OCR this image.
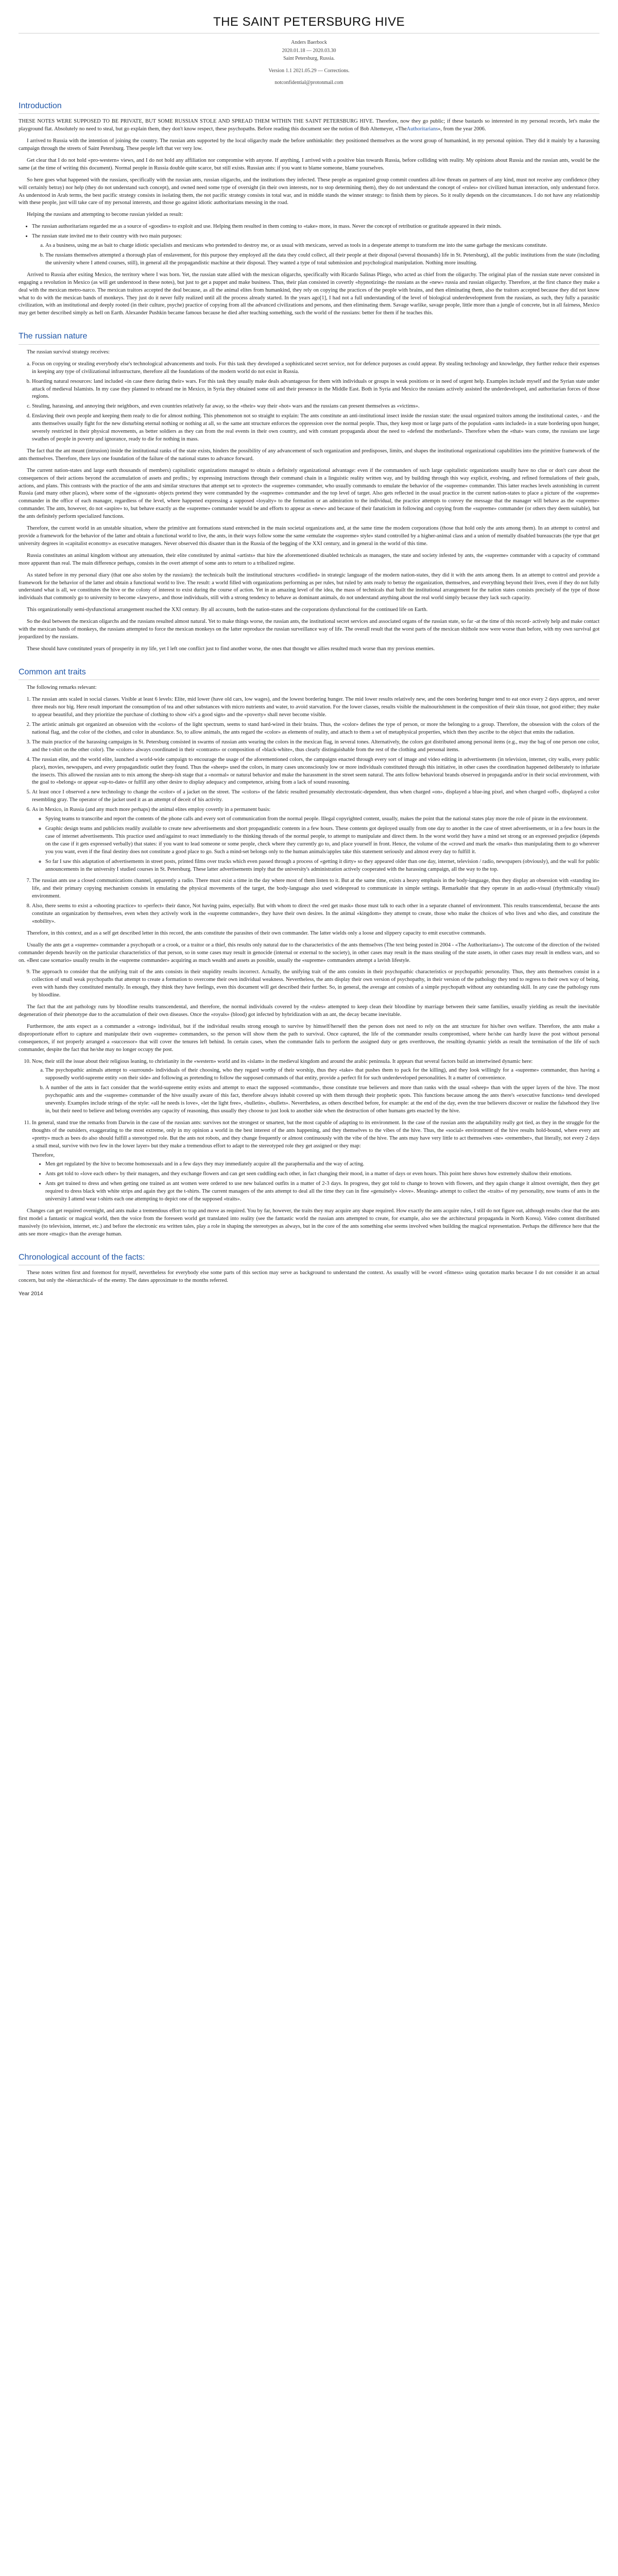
THE SAINT PETERSBURG HIVE
Anders Baerbock
2020.01.18 — 2020.03.30
Saint Petersburg, Russia.
Version 1.1 2021.05.29 — Corrections.
notconfidential@protonmail.com
Introduction

THESE NOTES WERE SUPPOSED TO BE PRIVATE, BUT SOME RUSSIAN STOLE AND SPREAD THEM WITHIN THE SAINT PETERSBURG HIVE. Therefore, now they go public; if these bastards so interested in my personal records, let's make the playground flat. Absolutely no need to steal, but go explain them, they don't know respect, these psychopaths. Before reading this document see the notion of Bob Altemeyer, «TheAuthoritarians», from the year 2006.

I arrived to Russia with the intention of joining the country. The russian ants supported by the local oligarchy made the before unthinkable: they positioned themselves as the worst group of humankind, in my personal opinion. They did it mainly by a harassing campaign through the streets of Saint Petersburg. These people left that ver very low.

Get clear that I do not hold «pro-western» views, and I do not hold any affiliation nor compromise with anyone. If anything, I arrived with a positive bias towards Russia, before colliding with reality. My opinions about Russia and the russian ants, would be the same (at the time of writing this document). Normal people in Russia double quite scarce, but still exists. Russian ants: if you want to blame someone, blame yourselves.

So here goes what happened with the russians, specifically with the russian ants, russian oligarchs, and the institutions they infected. These people as organized group commit countless all-low threats on partners of any kind, must not receive any confidence (they will certainly betray) nor help (they do not understand such concept), and owned need some type of oversight (in their own interests, nor to stop determining them), they do not understand the concept of «rules» nor civilized human interaction, only understand force. As understood in Arab terms, the best pacific strategy consists in isolating them, the not pacific strategy consists in total war, and in middle stands the winner strategy: to finish them by pieces. So it really depends on the circumstances. I do not have any relationship with these people, just will take care of my personal interests, and those go against idiotic authoritarians messing in the road.

Helping the russians and attempting to become russian yielded as result:

• The russian authoritarians regarded me as a source of «goodies» to exploit and use. Helping them resulted in them coming to «take» more, in mass. Never the concept of retribution or gratitude appeared in their minds.
• The russian state invited me to their country with two main purposes:
a. As a business, using me as bait to charge idiotic specialists and mexicans who pretended to destroy me, or as usual with mexicans, served as tools in a desperate attempt to transform me into the same garbage the mexicans constitute.
b. The russians themselves attempted a thorough plan of enslavement, for this purpose they employed all the data they could collect, all their people at their disposal (several thousands) life in St. Petersburg), all the public institutions from the state (including the university where I attend courses, still), in general all the propagandistic machine at their disposal. They wanted a type of total submission and psychological manipulation. Nothing more insulting.

Arrived to Russia after exiting Mexico, the territory where I was born. Yet, the russian state allied with the mexican oligarchs, specifically with Ricardo Salinas Pliego, who acted as chief from the oligarchy. The original plan of the russian state never consisted in engaging a revolution in Mexico (as will get understood in these notes), but just to get a puppet and make business. Thus, their plan consisted in covertly «hypnotizing» the russians as the «new» russia and russian oligarchy. Therefore, at the first chance they make a deal with the mexican metro-narco. The mexican traitors accepted the deal because, as all the animal elites from humankind, they rely on copying the practices of the people with brains, and then eliminating them, also the traitors accepted because they did not know what to do with the mexican bands of monkeys. They just do it never fully realized until all the process already started. In the years ago[1], I had not a full understanding of the level of biological underdevelopment from the russians, as such, they fully a parasitic civilization, with an institutional and deeply rooted (in their culture, psyche) practice of copying from all the advanced civilizations and persons, and then eliminating them. Savage warlike, savage people, little more than a jungle of concrete, but in all fairness, Mexico may get better described simply as hell on Earth. Alexander Pushkin became famous because he died after teaching something, such the world of the russians: better for them if he teaches this.

The russian nature

The russian survival strategy receives:

a. Focus on copying or stealing everybody else's technological advancements and tools. For this task they developed a sophisticated secret service, not for defence purposes as could appear. By stealing technology and knowledge, they further reduce their expenses in keeping any type of civilizational infrastructure, therefore all the foundations of the modern world do not exist in Russia.
b. Hoarding natural resources: land included «in case there during their» wars. For this task they usually make deals advantageous for them with individuals or groups in weak positions or in need of urgent help. Examples include myself and the Syrian state under attack of medieval Islamists. In my case they planned to rebrand me in Mexico, in Syria they obtained some oil and their presence in the Middle East. Both in Syria and Mexico the russians actively assisted the underdeveloped, and authoritarian forces of those regions.
c. Stealing, harassing, and annoying their neighbors, and even countries relatively far away, so the «their» way their «hot» wars and the russians can present themselves as «victims».
d. Enslaving their own people and keeping them ready to die for almost nothing. This phenomenon not so straight to explain: The ants constitute an anti-institutional insect inside the russian state: the usual organized traitors among the institutional castes, - and the ants themselves usually fight for the new disturbing eternal nothing or nothing at all, so the same ant structure enforces the oppression over the normal people. Thus, they keep most or large parts of the population «ants included» in a state bordering upon hunger, severely restricted in their physical movements, as better soldiers as they can from the real events in their own country, and with constant propaganda about the need to «defend the motherland». Therefore when the «that» wars come, the russians use large swathes of people in poverty and ignorance, ready to die for nothing in mass.

The fact that the ant meant (intrusion) inside the institutional ranks of the state exists, hinders the possibility of any advancement of such organization and predisposes, limits, and shapes the institutional organizational capabilities into the primitive framework of the ants themselves. Therefore, there lays one foundation of the failure of the national states to advance forward.

The current nation-states and large earth thousands of members) capitalistic organizations managed to obtain a definitely organizational advantage: even if the commanders of such large capitalistic organizations usually have no clue or don't care about the consequences of their actions beyond the accumulation of assets and profits.; by expressing instructions through their command chain in a linguistic reality written way, and by building through this way explicit, evolving, and refined formulations of their goals, actions, and plans. This contrasts with the practice of the ants and similar structures that attempt set to «protect» the «supreme» commander, who usually commands to emulate the behavior of the «supreme» commander. This latter reaches levels astonishing in current Russia (and many other places), where some of the «ignorant» objects pretend they were commanded by the «supreme» commander and the top level of target. Also gets reflected in the usual practice in the current nation-states to place a picture of the «supreme» commander in the office of each manager, regardless of the level, where happened expressing a supposed «loyalty» to the formation or an admiration to the individual, the practice attempts to convey the message that the manager will behave as the «supreme» commander. The ants, however, do not «aspire» to, but behave exactly as the «supreme» commander would be and efforts to appear as «new» and because of their fanaticism in following and copying from the «supreme» commander (or others they deem suitable), but the ants definitely perform specialized functions.

Therefore, the current world in an unstable situation, where the primitive ant formations stand entrenched in the main societal organizations and, at the same time the modern corporations (those that hold only the ants among them). In an attempt to control and provide a framework for the behavior of the latter and obtain a functional world to live, the ants, in their ways follow some the same «emulate the «supreme» style» stand controlled by a higher-animal class and a union of mentally disabled bureaucrats (the type that get university degrees in «capitalist economy» as executive managers. Never observed this disaster than in the Russia of the begging of the XXI century, and in general in the world of this time.

Russia constitutes an animal kingdom without any attenuation, their elite constituted by animal «artists» that hire the aforementioned disabled technicals as managers, the state and society infested by ants, the «supreme» commander with a capacity of command more apparent than real. The main difference perhaps, consists in the overt attempt of some ants to return to a tribalized regime.

As stated before in my personal diary (that one also stolen by the russians): the technicals built the institutional structures «codified» in strategic language of the modern nation-states, they did it with the ants among them. In an attempt to control and provide a framework for the behavior of the latter and obtain a functional world to live. The result: a world filled with organizations performing as per rules, but ruled by ants ready to betray the organization, themselves, and everything beyond their lives, even if they do not fully understand what is all, we constitutes the hive or the colony of interest to exist during the course of action. Yet in an amazing level of the idea, the mass of technicals that built the institutional arrangement for the nation states consists precisely of the type of those individuals that commonly go to university to become «lawyers», and those individuals, still with a strong tendency to behave as dominant animals, do not understand anything about the real world simply because they lack such capacity.

This organizationally semi-dysfunctional arrangement reached the XXI century. By all accounts, both the nation-states and the corporations dysfunctional for the continued life on Earth.

So the deal between the mexican oligarchs and the russians resulted almost natural. Yet to make things worse, the russian ants, the institutional secret services and associated organs of the russian state, so far -at the time of this record- actively help and make contact with the mexican bands of monkeys, the russians attempted to force the mexican monkeys on the latter reproduce the russian surveillance way of life. The overall result that the worst parts of the mexican shithole now were worse than before, with my own survival got jeopardized by the russians.

These should have constituted years of prosperity in my life, yet I left one conflict just to find another worse, the ones that thought we allies resulted much worse than my previous enemies.

Common ant traits

The following remarks relevant:

1. The russian ants scaled in social classes. Visible at least 6 levels: Elite, mid lower (have old cars, low wages), and the lowest bordering hunger. The mid lower results relatively new, and the ones bordering hunger tend to eat once every 2 days approx, and never three meals nor big. Here result important the consumption of tea and other substances with micro nutrients and water, to avoid starvation. For the lower classes, results visible the malnourishment in the composition of their skin tissue, not good either; they make to appear beautiful, and they prioritize the purchase of clothing to show «it's a good sign» and the «poverty» shall never become visible.
2. The artistic animals got organized an obsession with the «colors» of the light spectrum, seems to stand hard-wired in their brains. Thus, the «color» defines the type of person, or more the belonging to a group. Therefore, the obsession with the colors of the national flag, and the color of the clothes, and color in abundance. So, to allow animals, the ants regard the «color» as elements of reality, and attach to them a set of metaphysical properties, which then they ascribe to the object that emits the radiation.
3. The main practice of the harassing campaigns in St. Petersburg consisted in swarms of russian ants wearing the colors in the mexican flag, in several tones. Alternatively, the colors got distributed among personal items (e.g., may the bag of one person one color, and the t-shirt on the other color). The «colors» always coordinated in their «contrasts» or composition of «black-white», thus clearly distinguishable from the rest of the clothing and personal items.
4. The russian elite, and the world elite, launched a world-wide campaign to encourage the usage of the aforementioned colors, the campaigns enacted through every sort of image and video editing in advertisements (in television, internet, city walls, every public place), movies, newspapers, and every propagandistic outlet they found. Thus the «sheep» used the colors, in many cases unconsciously low or more individuals constituted through this initiative, in other cases the coordination happened deliberately to infuriate the insects. This allowed the russian ants to mix among the sheep-ish stage that a «normal» or natural behavior and make the harassment in the street seem natural. The ants follow behavioral brands observed in propaganda and/or in their social environment, with the goal to «belong» or appear «up-to-date» or fulfill any other desire to display adequacy and competence, arising from a lack of sound reasoning.
5. At least once I observed a new technology to change the «color» of a jacket on the street. The «colors» of the fabric resulted presumably electrostatic-dependent, thus when charged «on», displayed a blue-ing pixel, and when charged «off», displayed a color resembling gray. The operator of the jacket used it as an attempt of deceit of his activity.
6. As in Mexico, in Russia (and any much more perhaps) the animal elites employ covertly in a permanent basis:
◦ Spying teams to transcribe and report the contents of the phone calls and every sort of communication from the normal people. Illegal copyrighted content, usually, makes the point that the national states play more the role of pirate in the environment.
◦ Graphic design teams and publicists readily available to create new advertisements and short propagandistic contents in a few hours. These contents got deployed usually from one day to another in the case of street advertisements, or in a few hours in the case of internet advertisements. This practice used and/against to react immediately to the thinking threads of the normal people, to attempt to manipulate and direct them. In the worst world they have a mind set strong or an expressed prejudice (depends on the case if it gets expressed verbally) that states: if you want to lead someone or some people, check where they currently go to, and place yourself in front. Hence, the volume of the «crowd and mark the «mark» thus manipulating them to go wherever you you want, even if the final destiny does not constitute a good place to go. Such a mind-set belongs only to the human animals/apples take this statement seriously and almost every day to fulfill it.
◦ So far I saw this adaptation of advertisements in street posts, printed films over trucks which even passed through a process of «getting it dirty» so they appeared older than one day, internet, television / radio, newspapers (obviously), and the wall for public announcements in the university I studied courses in St. Petersburg. These latter advertisements imply that the university's administration actively cooperated with the harassing campaign, all the way to the top.
7. The russian ants use a closed communications channel, apparently a radio. There must exist a time in the day where most of them listen to it. But at the same time, exists a heavy emphasis in the body-language, thus they display an obsession with «standing in» life, and their primary copying mechanism consists in emulating the physical movements of the target, the body-language also used widespread to communicate in simple settings. Remarkable that they operate in an audio-visual (rhythmically visual) environment.
8. Also, there seems to exist a «shooting practice» to «perfect» their dance, Not having pains, especially. But with whom to direct the «red get mask» those must talk to each other in a separate channel of environment. This results transcendental, because the ants constitute an organization by themselves, even when they actively work in the «supreme commander», they have their own desires. In the animal «kingdom» they attempt to create, those who make the choices of who lives and who dies, and constitute the «nobility».

Therefore, in this context, and as a self get described letter in this record, the ants constitute the parasites of their own commander. The latter wields only a loose and slippery capacity to emit executive commands.

Usually the ants get a «supreme» commander a psychopath or a crook, or a traitor or a thief, this results only natural due to the characteristics of the ants themselves (The text being posted in 2004 - «The Authoritarians»). The outcome of the direction of the twisted commander depends heavily on the particular characteristics of that person, so in some cases may result in genocide (internal or external to the society), in other cases may result in the mass stealing of the state assets, in other cases may result in endless wars, and so on. «Best case scenario» usually results in the «supreme commander» acquiring as much wealth and assets as possible, usually the «supreme» commanders attempt a lavish lifestyle.

9. The approach to consider that the unifying trait of the ants consists in their stupidity results incorrect. Actually, the unifying trait of the ants consists in their psychopathic characteristics or psychopathic personality. Thus, they ants themselves consist in a collection of small weak psychopaths that attempt to create a formation to overcome their own individual weakness. Nevertheless, the ants display their own version of psychopathy, in their version of the pathology they tend to regress to their own way of being, even with hands they constituted mentally. In enough, they think they have feelings, even this document will get described their further. So, in general, the average ant consists of a simple psychopath without any outstanding skill. In any case the pathology runs by bloodline.

The fact that the ant pathology runs by bloodline results transcendental, and therefore, the normal individuals covered by the «rules» attempted to keep clean their bloodline by marriage between their same families, usually yielding as result the inevitable degeneration of their phenotype due to the accumulation of their own diseases. Once the «royals» (blood) got infected by hybridization with an ant, the decay became inevitable.

Furthermore, the ants expect as a commander a «strong» individual, but if the individual results strong enough to survive by himself/herself then the person does not need to rely on the ant structure for his/her own welfare. Therefore, the ants make a disproportionate effort to capture and manipulate their own «supreme» commanders, so the person will show them the path to survival. Once captured, the life of the commander results compromised, where he/she can hardly leave the post without personal consequences, if not properly arranged a «successor» that will cover the tenures left behind. In certain cases, when the commander fails to perform the assigned duty or gets overthrown, the resulting dynamic yields as result the termination of the life of such commander, despite the fact that he/she may no longer occupy the post.

10. Now, their still the issue about their religious leaning, to christianity in the «western» world and its «islam» in the medieval kingdom and around the arabic peninsula. It appears that several factors build an intertwined dynamic here:
a. The psychopathic animals attempt to «surround» individuals of their choosing, who they regard worthy of their worship, thus they «take» that pushes them to pack for the killing), and they look willingly for a «supreme» commander, thus having a supposedly world-supreme entity «on their side» and following as pretending to follow the supposed commands of that entity, provide a perfect fit for such underdeveloped personalities. It a matter of convenience.
b. A number of the ants in fact consider that the world-supreme entity exists and attempt to enact the supposed «commands», those constitute true believers and more than ranks with the usual «sheep» than with the upper layers of the hive. The most psychopathic ants and the «supreme» commander of the hive usually aware of this fact, therefore always inhabit covered up with them through their prophetic spots. This functions because among the ants there's «executive functions» tend developed unevenly. Examples include strings of the style: «all he needs is love», «let the light free», «bulletin», «bullets». Nevertheless, as others described before, for example: at the end of the day, even the true believers discover or realize the falsehood they live in, but their need to believe and belong overrides any capacity of reasoning, thus usually they choose to just look to another side when the destruction of other humans gets enacted by the hive.
11. In general, stand true the remarks from Darwin in the case of the russian ants: survives not the strongest or smartest, but the most capable of adapting to its environment. In the case of the russian ants the adaptability really got tied, as they in the struggle for the thoughts of the outsiders, exaggerating to the most extreme, only in my opinion a world in the best interest of the ants happening, and they themselves to the vibes of the hive. Thus, the «social» environment of the hive results hold-bound, where every ant «pretty» much as bees do also should fulfill a stereotyped role. But the ants not robots, and they change frequently or almost continuously with the vibe of the hive. The ants may have very little to act themselves «ne» «remember», that literally, not every 2 days a small meal, survive with two few in the lower layer» but they make a tremendous effort to adapt to the stereotyped role they get assigned or they map:
Therefore,
• Men get regulated by the hive to become homosexuals and in a few days they may immediately acquire all the paraphernalia and the way of acting.
• Ants get told to «love each other» by their managers, and they exchange flowers and can get seen cuddling each other, in fact changing their mood, in a matter of days or even hours. This point here shows how extremely shallow their emotions.
• Ants get trained to dress and when getting one trained as ant women were ordered to use new balanced outfits in a matter of 2-3 days. In progress, they got told to change to brown with flowers, and they again change it almost overnight, then they get required to dress black with white strips and again they got the t-shirts. The current managers of the ants attempt to deal all the time they can in fine «genuinely» «love». Meaning» attempt to collect the «traits» of my personality, now teams of ants in the university I attend wear t-shirts each one attempting to depict one of the supposed «traits».

Changes can get required overnight, and ants make a tremendous effort to trap and move as required. You by far, however, the traits they may acquire any shape required. How exactly the ants acquire rules, I still do not figure out, although results clear that the ants first model a fantastic or magical world, then the voice from the foreseen world get translated into reality (see the fantastic world the russian ants attempted to create, for example, also see the architectural propaganda in North Korea). Video content distributed massively (to television, internet, etc.) and before the electronic era written tales, play a role in shaping the stereotypes as always, but in the core of the ants something else seems involved when building the magical representation. Perhaps the difference here that the ants see more «magic» than the average human.

Chronological account of the facts:

These notes written first and foremost for myself, nevertheless for everybody else some parts of this section may serve as background to understand the context. As usually will be «word «fitness» using quotation marks because I do not consider it an actual concern, but only the «hierarchical» of the enemy. The dates approximate to the months referred.

Year 2014
